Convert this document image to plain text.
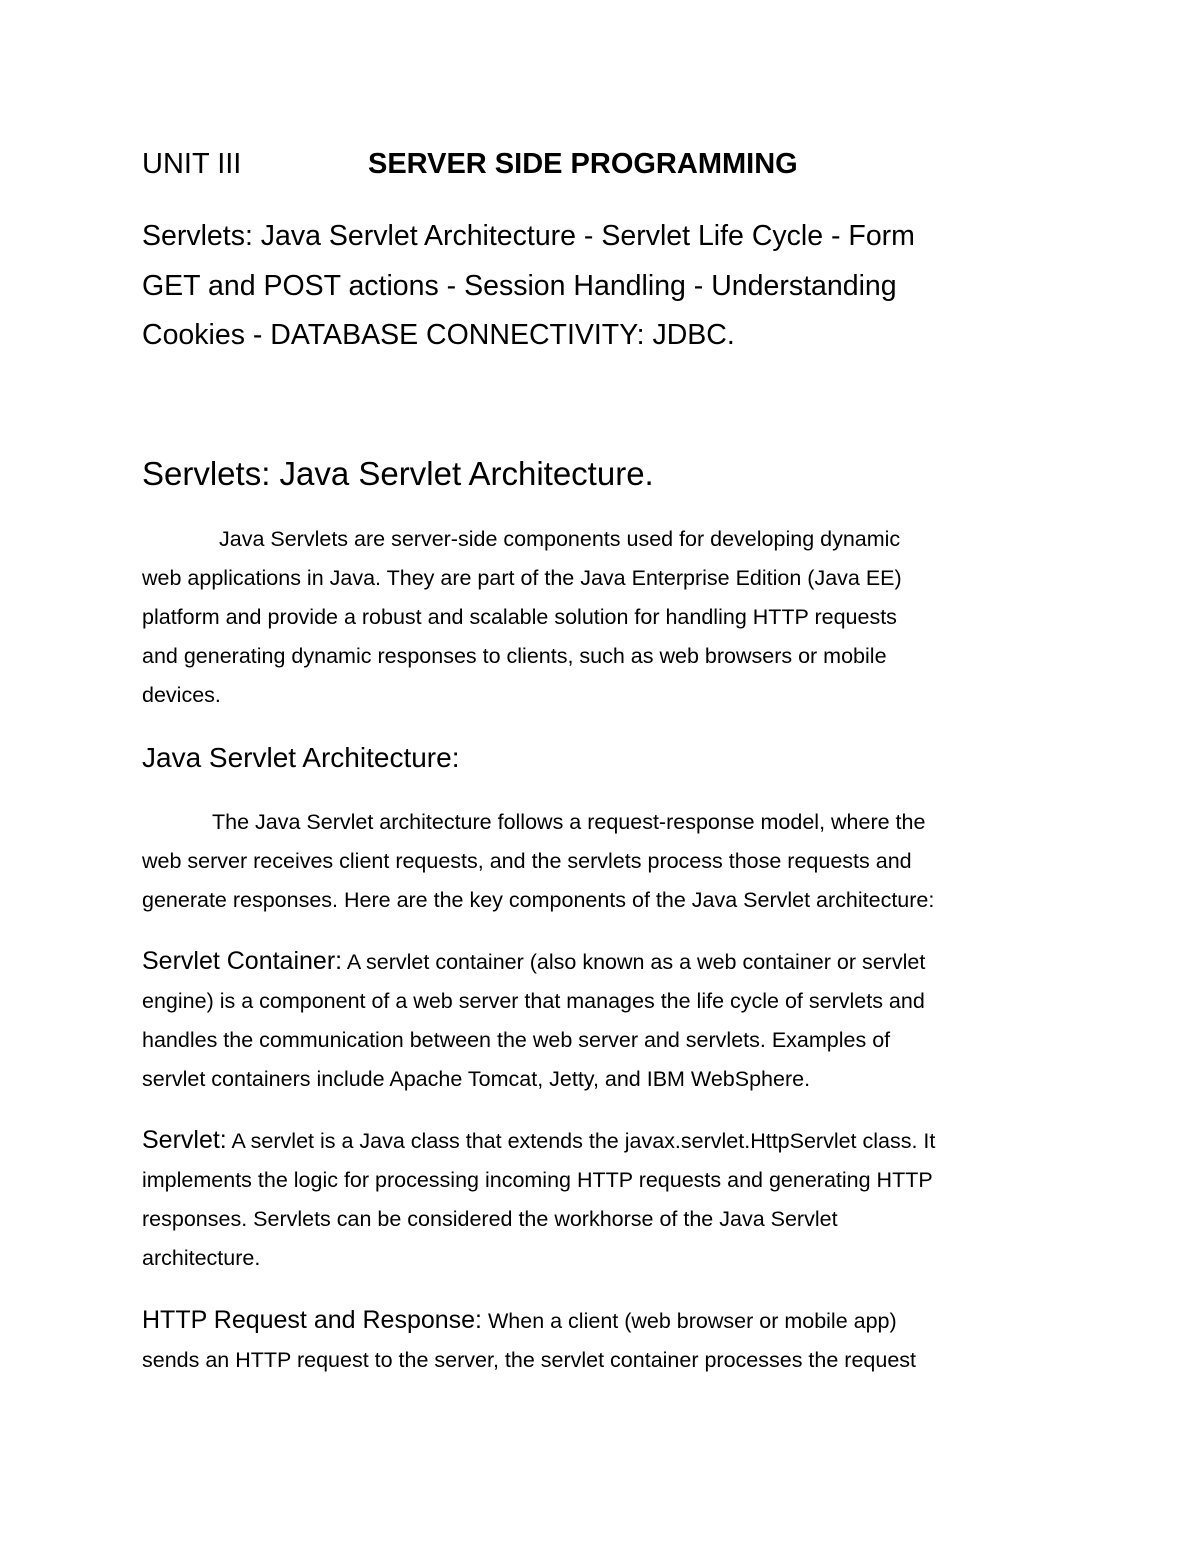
UNIT III	SERVER SIDE PROGRAMMING
Servlets: Java Servlet Architecture - Servlet Life Cycle - Form
GET and POST actions - Session Handling - Understanding
Cookies - DATABASE CONNECTIVITY: JDBC.
Servlets: Java Servlet Architecture.
Java Servlets are server-side components used for developing dynamic
web applications in Java. They are part of the Java Enterprise Edition (Java EE)
platform and provide a robust and scalable solution for handling HTTP requests
and generating dynamic responses to clients, such as web browsers or mobile
devices.
Java Servlet Architecture:
The Java Servlet architecture follows a request-response model, where the
web server receives client requests, and the servlets process those requests and
generate responses. Here are the key components of the Java Servlet architecture:
Servlet Container: A servlet container (also known as a web container or servlet
engine) is a component of a web server that manages the life cycle of servlets and
handles the communication between the web server and servlets. Examples of
servlet containers include Apache Tomcat, Jetty, and IBM WebSphere.
Servlet: A servlet is a Java class that extends the javax.servlet.HttpServlet class. It
implements the logic for processing incoming HTTP requests and generating HTTP
responses. Servlets can be considered the workhorse of the Java Servlet
architecture.
HTTP Request and Response: When a client (web browser or mobile app)
sends an HTTP request to the server, the servlet container processes the request
